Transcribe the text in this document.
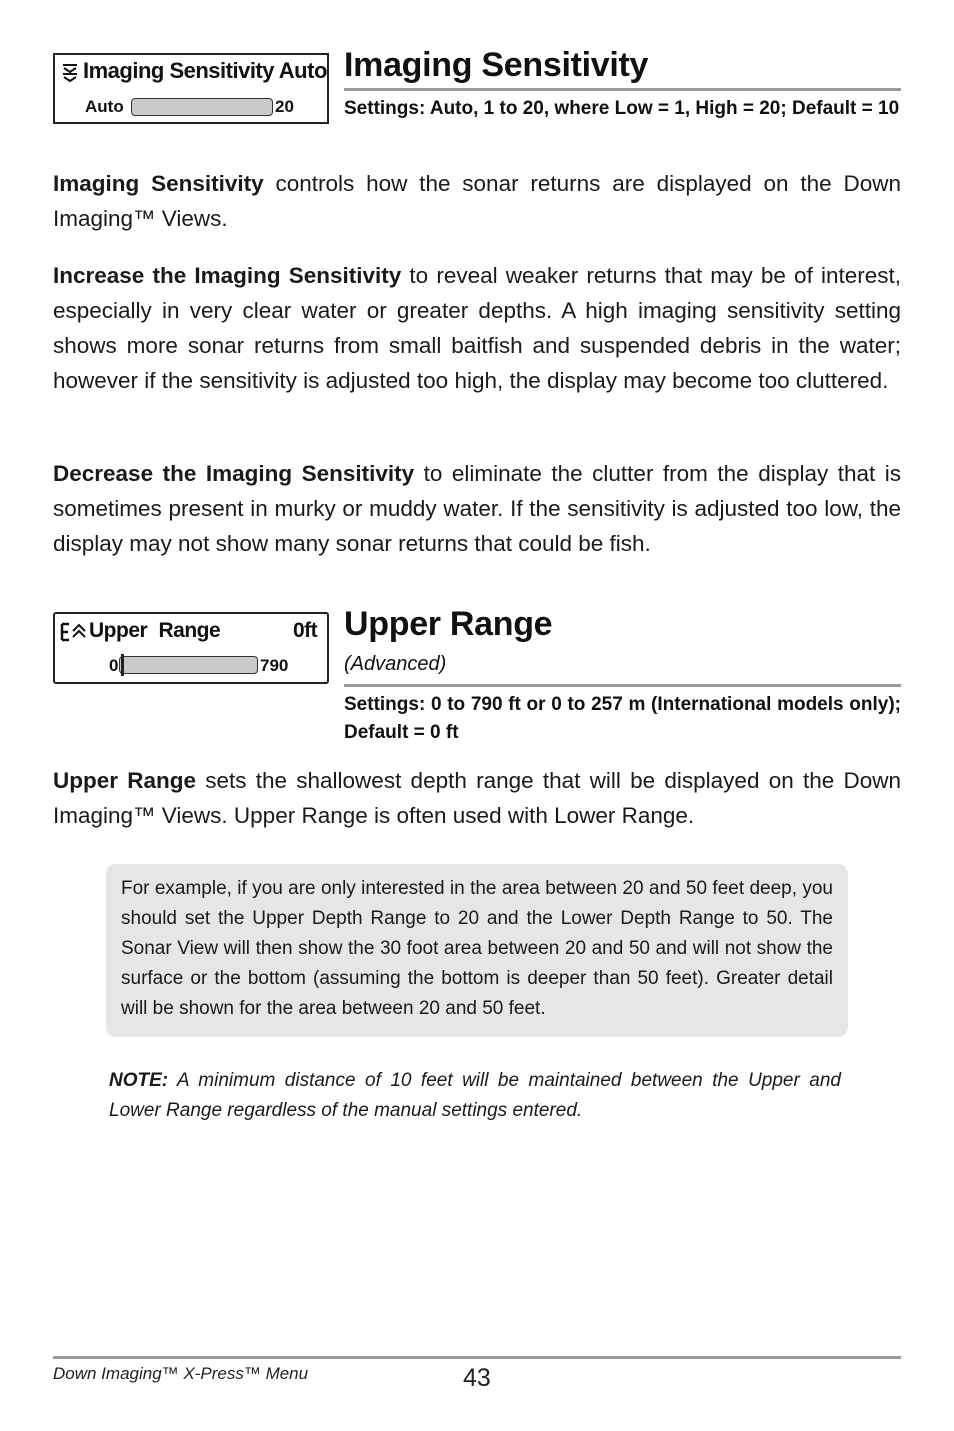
Imaging Sensitivity Auto
Auto	20
Imaging Sensitivity
Settings: Auto, 1 to 20, where Low = 1, High = 20; Default = 10
Imaging Sensitivity controls how the sonar returns are displayed on the Down Imaging™ Views.
Increase the Imaging Sensitivity to reveal weaker returns that may be of interest, especially in very clear water or greater depths. A high imaging sensitivity setting shows more sonar returns from small baitfish and suspended debris in the water; however if the sensitivity is adjusted too high, the display may become too cluttered.
Decrease the Imaging Sensitivity to eliminate the clutter from the display that is sometimes present in murky or muddy water. If the sensitivity is adjusted too low, the display may not show many sonar returns that could be fish.
Upper Range	0ft
0	790
Upper Range
(Advanced)
Settings: 0 to 790 ft or 0 to 257 m (International models only); Default = 0 ft
Upper Range sets the shallowest depth range that will be displayed on the Down Imaging™ Views. Upper Range is often used with Lower Range.
For example, if you are only interested in the area between 20 and 50 feet deep, you should set the Upper Depth Range to 20 and the Lower Depth Range to 50. The Sonar View will then show the 30 foot area between 20 and 50 and will not show the surface or the bottom (assuming the bottom is deeper than 50 feet). Greater detail will be shown for the area between 20 and 50 feet.
NOTE: A minimum distance of 10 feet will be maintained between the Upper and Lower Range regardless of the manual settings entered.
Down Imaging™ X-Press™ Menu	43
